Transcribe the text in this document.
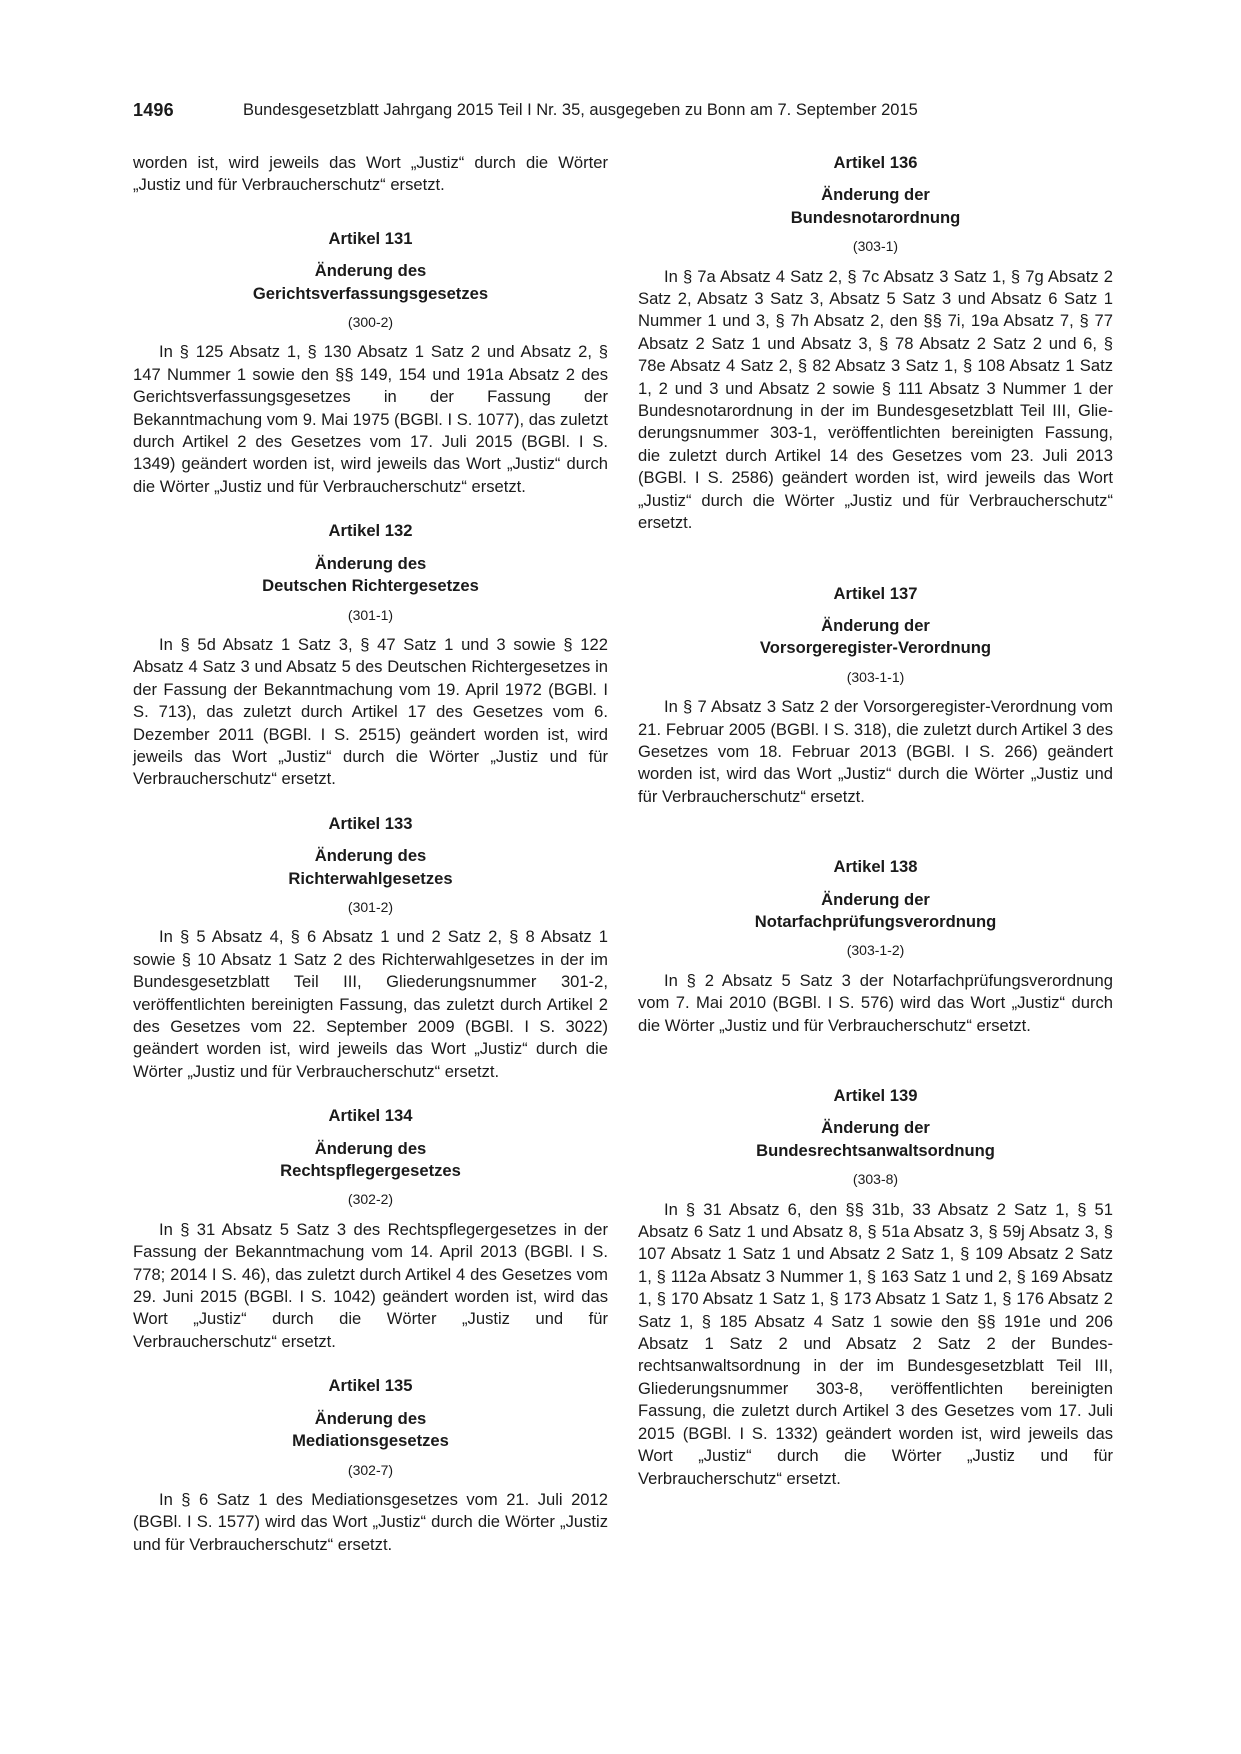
1496	Bundesgesetzblatt Jahrgang 2015 Teil I Nr. 35, ausgegeben zu Bonn am 7. September 2015

worden ist, wird jeweils das Wort „Justiz“ durch die Wörter „Justiz und für Verbraucherschutz“ ersetzt.

Artikel 131

Änderung des

Gerichtsverfassungsgesetzes

(300-2)

In § 125 Absatz 1, § 130 Absatz 1 Satz 2 und Absatz 2, § 147 Nummer 1 sowie den §§ 149, 154 und 191a Absatz 2 des Gerichtsverfassungsgesetzes in der Fassung der Bekanntmachung vom 9. Mai 1975 (BGBl. I S. 1077), das zuletzt durch Artikel 2 des Gesetzes vom 17. Juli 2015 (BGBl. I S. 1349) geändert worden ist, wird jeweils das Wort „Justiz“ durch die Wörter „Justiz und für Verbraucherschutz“ ersetzt.

Artikel 132

Änderung des

Deutschen Richtergesetzes

(301-1)

In § 5d Absatz 1 Satz 3, § 47 Satz 1 und 3 sowie § 122 Absatz 4 Satz 3 und Absatz 5 des Deutschen Richtergesetzes in der Fassung der Bekanntmachung vom 19. April 1972 (BGBl. I S. 713), das zuletzt durch Artikel 17 des Gesetzes vom 6. Dezember 2011 (BGBl. I S. 2515) geändert worden ist, wird jeweils das Wort „Justiz“ durch die Wörter „Justiz und für Verbraucherschutz“ ersetzt.

Artikel 133

Änderung des

Richterwahlgesetzes

(301-2)

In § 5 Absatz 4, § 6 Absatz 1 und 2 Satz 2, § 8 Absatz 1 sowie § 10 Absatz 1 Satz 2 des Richterwahlgesetzes in der im Bundesgesetzblatt Teil III, Gliederungsnummer 301-2, veröffentlichten bereinigten Fassung, das zuletzt durch Artikel 2 des Gesetzes vom 22. September 2009 (BGBl. I S. 3022) geändert worden ist, wird jeweils das Wort „Justiz“ durch die Wörter „Justiz und für Verbraucherschutz“ ersetzt.

Artikel 134

Änderung des

Rechtspflegergesetzes

(302-2)

In § 31 Absatz 5 Satz 3 des Rechtspflegergesetzes in der Fassung der Bekanntmachung vom 14. April 2013 (BGBl. I S. 778; 2014 I S. 46), das zuletzt durch Artikel 4 des Gesetzes vom 29. Juni 2015 (BGBl. I S. 1042) geändert worden ist, wird das Wort „Justiz“ durch die Wörter „Justiz und für Verbraucherschutz“ ersetzt.

Artikel 135

Änderung des

Mediationsgesetzes

(302-7)

In § 6 Satz 1 des Mediationsgesetzes vom 21. Juli 2012 (BGBl. I S. 1577) wird das Wort „Justiz“ durch die Wörter „Justiz und für Verbraucherschutz“ ersetzt.

Artikel 136

Änderung der

Bundesnotarordnung

(303-1)

In § 7a Absatz 4 Satz 2, § 7c Absatz 3 Satz 1, § 7g Absatz 2 Satz 2, Absatz 3 Satz 3, Absatz 5 Satz 3 und Absatz 6 Satz 1 Nummer 1 und 3, § 7h Absatz 2, den §§ 7i, 19a Absatz 7, § 77 Absatz 2 Satz 1 und Absatz 3, § 78 Absatz 2 Satz 2 und 6, § 78e Absatz 4 Satz 2, § 82 Absatz 3 Satz 1, § 108 Absatz 1 Satz 1, 2 und 3 und Absatz 2 sowie § 111 Absatz 3 Nummer 1 der Bundesnotarordnung in der im Bundesgesetzblatt Teil III, Gliederungsnummer 303-1, veröffentlichten bereinigten Fassung, die zuletzt durch Artikel 14 des Gesetzes vom 23. Juli 2013 (BGBl. I S. 2586) geändert worden ist, wird jeweils das Wort „Justiz“ durch die Wörter „Justiz und für Verbraucherschutz“ ersetzt.

Artikel 137

Änderung der

Vorsorgeregister-Verordnung

(303-1-1)

In § 7 Absatz 3 Satz 2 der Vorsorgeregister-Verordnung vom 21. Februar 2005 (BGBl. I S. 318), die zuletzt durch Artikel 3 des Gesetzes vom 18. Februar 2013 (BGBl. I S. 266) geändert worden ist, wird das Wort „Justiz“ durch die Wörter „Justiz und für Verbraucherschutz“ ersetzt.

Artikel 138

Änderung der

Notarfachprüfungsverordnung

(303-1-2)

In § 2 Absatz 5 Satz 3 der Notarfachprüfungsverordnung vom 7. Mai 2010 (BGBl. I S. 576) wird das Wort „Justiz“ durch die Wörter „Justiz und für Verbraucherschutz“ ersetzt.

Artikel 139

Änderung der

Bundesrechtsanwaltsordnung

(303-8)

In § 31 Absatz 6, den §§ 31b, 33 Absatz 2 Satz 1, § 51 Absatz 6 Satz 1 und Absatz 8, § 51a Absatz 3, § 59j Absatz 3, § 107 Absatz 1 Satz 1 und Absatz 2 Satz 1, § 109 Absatz 2 Satz 1, § 112a Absatz 3 Nummer 1, § 163 Satz 1 und 2, § 169 Absatz 1, § 170 Absatz 1 Satz 1, § 173 Absatz 1 Satz 1, § 176 Absatz 2 Satz 1, § 185 Absatz 4 Satz 1 sowie den §§ 191e und 206 Absatz 1 Satz 2 und Absatz 2 Satz 2 der Bundesrechtsanwaltsordnung in der im Bundesgesetzblatt Teil III, Gliederungsnummer 303-8, veröffentlichten bereinigten Fassung, die zuletzt durch Artikel 3 des Gesetzes vom 17. Juli 2015 (BGBl. I S. 1332) geändert worden ist, wird jeweils das Wort „Justiz“ durch die Wörter „Justiz und für Verbraucherschutz“ ersetzt.
